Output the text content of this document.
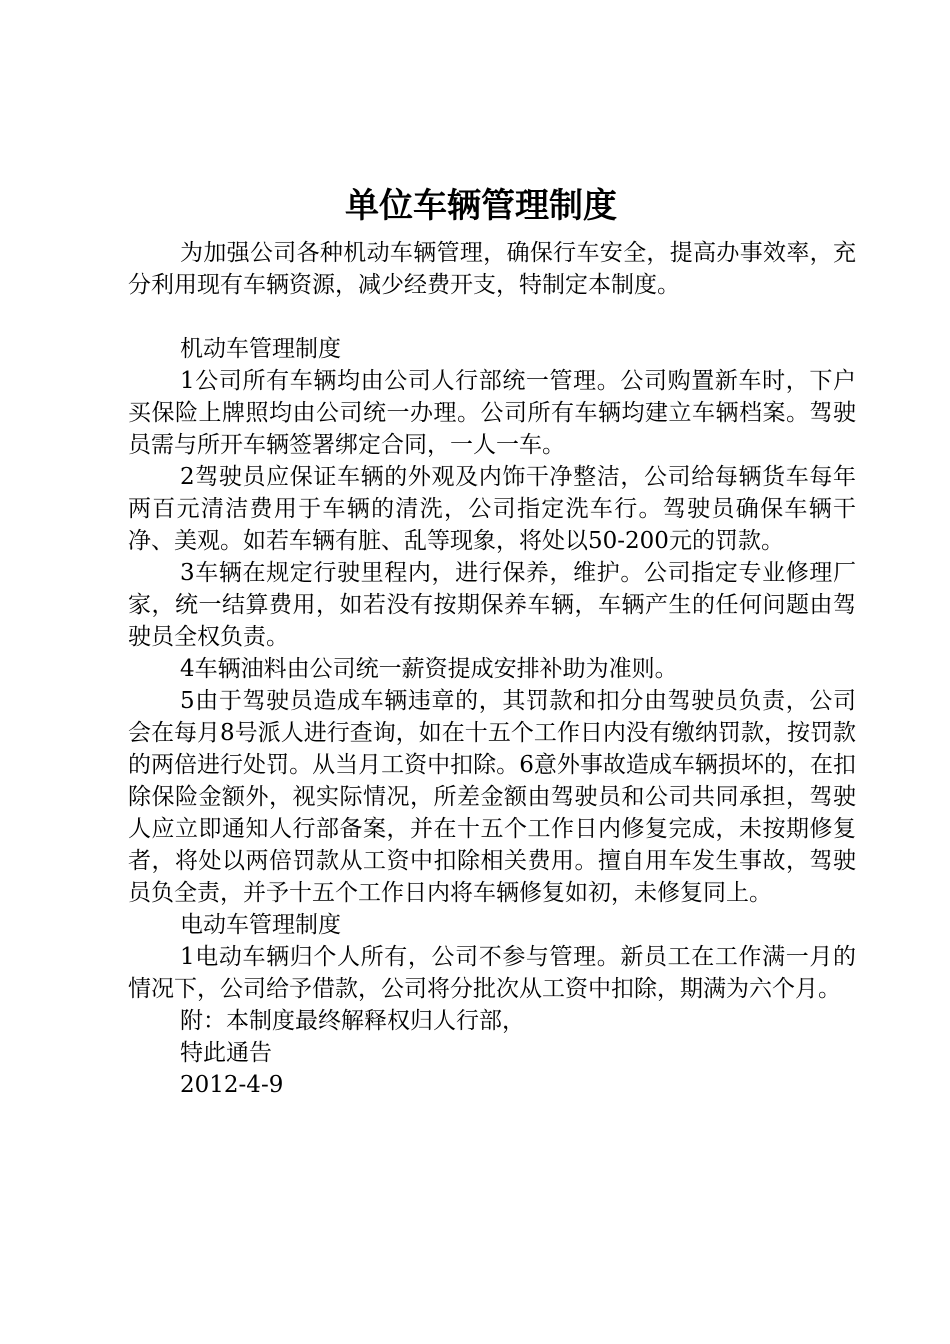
单位车辆管理制度

为加强公司各种机动车辆管理，确保行车安全，提高办事效率，充分利用现有车辆资源，减少经费开支，特制定本制度。

机动车管理制度

1公司所有车辆均由公司人行部统一管理。公司购置新车时，下户买保险上牌照均由公司统一办理。公司所有车辆均建立车辆档案。驾驶员需与所开车辆签署绑定合同，一人一车。

2驾驶员应保证车辆的外观及内饰干净整洁，公司给每辆货车每年两百元清洁费用于车辆的清洗，公司指定洗车行。驾驶员确保车辆干净、美观。如若车辆有脏、乱等现象，将处以50-200元的罚款。

3车辆在规定行驶里程内，进行保养，维护。公司指定专业修理厂家，统一结算费用，如若没有按期保养车辆，车辆产生的任何问题由驾驶员全权负责。

4车辆油料由公司统一薪资提成安排补助为准则。

5由于驾驶员造成车辆违章的，其罚款和扣分由驾驶员负责，公司会在每月8号派人进行查询，如在十五个工作日内没有缴纳罚款，按罚款的两倍进行处罚。从当月工资中扣除。6意外事故造成车辆损坏的，在扣除保险金额外，视实际情况，所差金额由驾驶员和公司共同承担，驾驶人应立即通知人行部备案，并在十五个工作日内修复完成，未按期修复者，将处以两倍罚款从工资中扣除相关费用。擅自用车发生事故，驾驶员负全责，并予十五个工作日内将车辆修复如初，未修复同上。

电动车管理制度

1电动车辆归个人所有，公司不参与管理。新员工在工作满一月的情况下，公司给予借款，公司将分批次从工资中扣除，期满为六个月。

附：本制度最终解释权归人行部，

特此通告

2012-4-9
